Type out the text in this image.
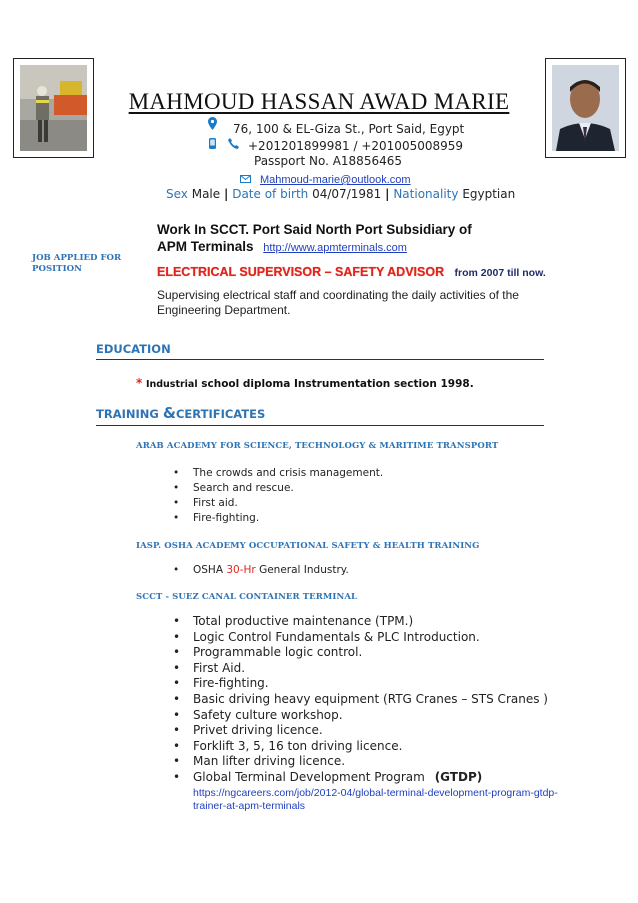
MAHMOUD HASSAN AWAD MARIE
76, 100 & EL-Giza St., Port Said, Egypt
+201201899981 / +201005008959
Passport No. A18856465
Mahmoud-marie@outlook.com
Sex Male | Date of birth 04/07/1981 | Nationality Egyptian
JOB APPLIED FOR
POSITION
Work In SCCT. Port Said North Port Subsidiary of
APM Terminals http://www.apmterminals.com
ELECTRICAL SUPERVISOR – SAFETY ADVISOR from 2007 till now.
Supervising electrical staff and coordinating the daily activities of the Engineering Department.
EDUCATION
* Industrial school diploma Instrumentation section 1998.
TRAINING &CERTIFICATES
ARAB ACADEMY FOR SCIENCE, TECHNOLOGY & MARITIME TRANSPORT
• The crowds and crisis management.
• Search and rescue.
• First aid.
• Fire-fighting.
IASP. OSHA ACADEMY OCCUPATIONAL SAFETY & HEALTH TRAINING
• OSHA 30-Hr General Industry.
SCCT - SUEZ CANAL CONTAINER TERMINAL
• Total productive maintenance (TPM.)
• Logic Control Fundamentals & PLC Introduction.
• Programmable logic control.
• First Aid.
• Fire-fighting.
• Basic driving heavy equipment (RTG Cranes – STS Cranes )
• Safety culture workshop.
• Privet driving licence.
• Forklift 3, 5, 16 ton driving licence.
• Man lifter driving licence.
• Global Terminal Development Program (GTDP)
https://ngcareers.com/job/2012-04/global-terminal-development-program-gtdp-
trainer-at-apm-terminals
